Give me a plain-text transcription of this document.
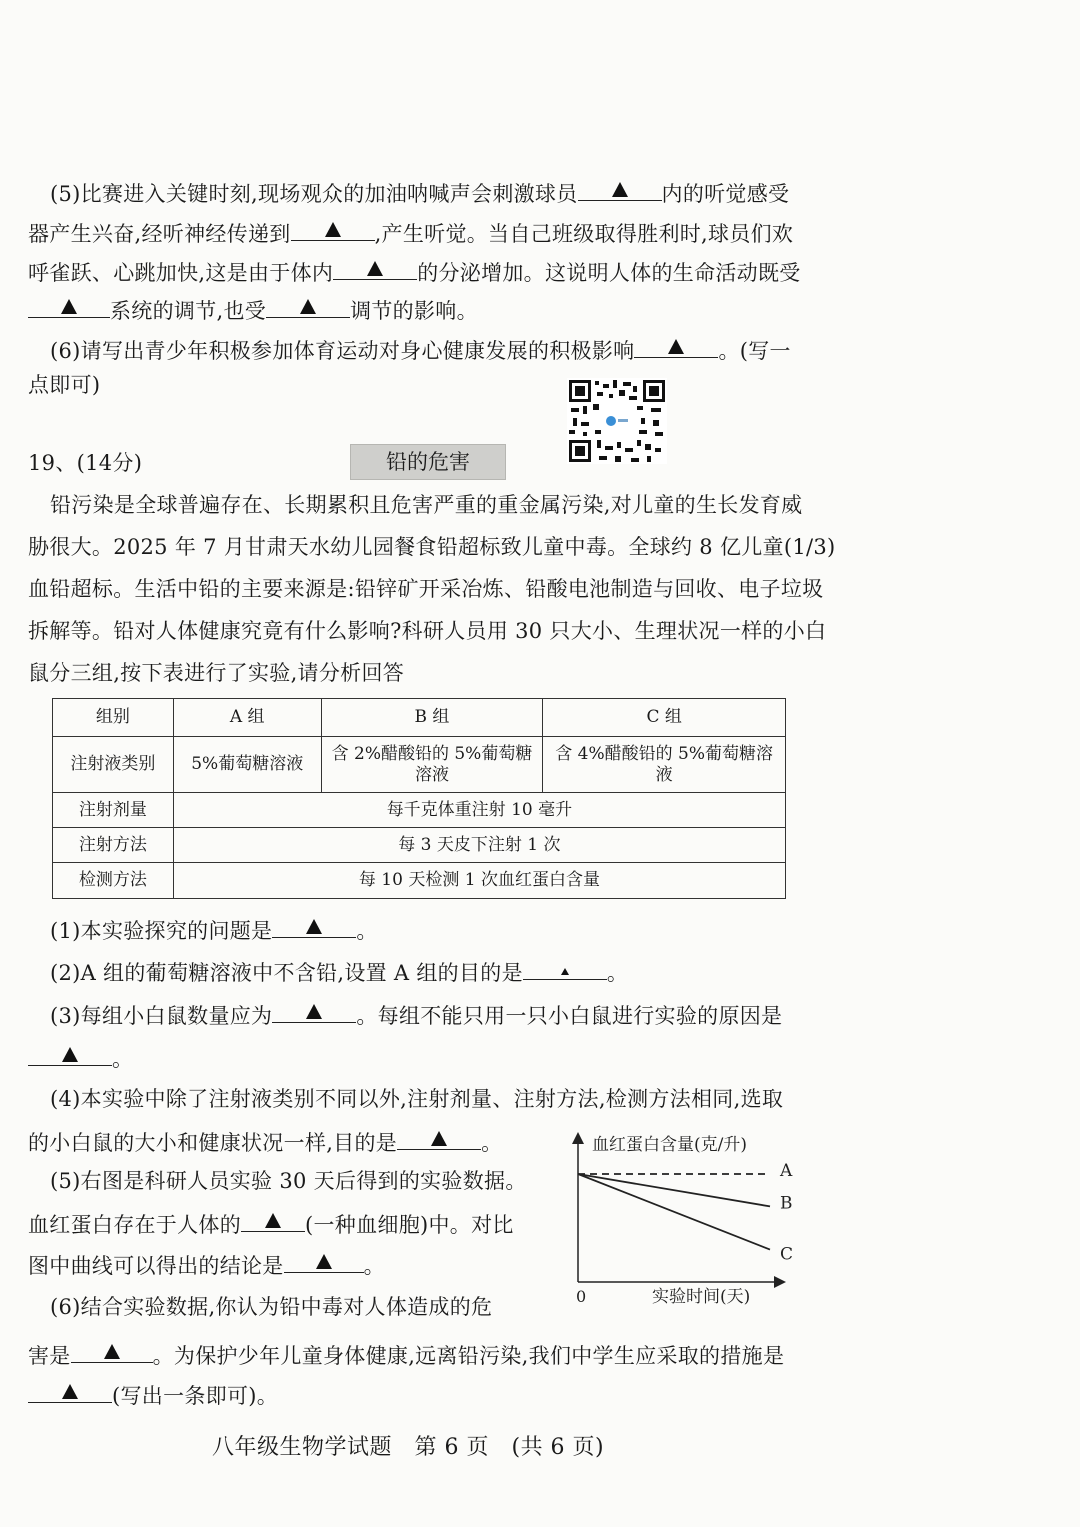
(5)比赛进入关键时刻,现场观众的加油呐喊声会刺激球员	内的听觉感受
器产生兴奋,经听神经传递到	,产生听觉。当自己班级取得胜利时,球员们欢
呼雀跃、心跳加快,这是由于体内	的分泌增加。这说明人体的生命活动既受
系统的调节,也受	调节的影响。
(6)请写出青少年积极参加体育运动对身心健康发展的积极影响	。(写一
点即可)
19、(14分)	铅的危害
铅污染是全球普遍存在、长期累积且危害严重的重金属污染,对儿童的生长发育威
胁很大。2025 年 7 月甘肃天水幼儿园餐食铅超标致儿童中毒。全球约 8 亿儿童(1/3)
血铅超标。生活中铅的主要来源是:铅锌矿开采冶炼、铅酸电池制造与回收、电子垃圾
拆解等。铅对人体健康究竟有什么影响?科研人员用 30 只大小、生理状况一样的小白
鼠分三组,按下表进行了实验,请分析回答
组别	A 组	B 组	C 组
注射液类别	5%葡萄糖溶液	含 2%醋酸铅的 5%葡萄糖溶液	含 4%醋酸铅的 5%葡萄糖溶液
注射剂量	每千克体重注射 10 毫升		
注射方法	每 3 天皮下注射 1 次		
检测方法	每 10 天检测 1 次血红蛋白含量		
(1)本实验探究的问题是	。
(2)A 组的葡萄糖溶液中不含铅,设置 A 组的目的是	。
(3)每组小白鼠数量应为	。每组不能只用一只小白鼠进行实验的原因是
。
(4)本实验中除了注射液类别不同以外,注射剂量、注射方法,检测方法相同,选取
的小白鼠的大小和健康状况一样,目的是	。
(5)右图是科研人员实验 30 天后得到的实验数据。
血红蛋白存在于人体的	(一种血细胞)中。对比
图中曲线可以得出的结论是	。
(6)结合实验数据,你认为铅中毒对人体造成的危
害是	。为保护少年儿童身体健康,远离铅污染,我们中学生应采取的措施是
(写出一条即可)。
血红蛋白含量(克/升)
实验时间(天)
0
A
B
C
八年级生物学试题　第 6 页　(共 6 页)
